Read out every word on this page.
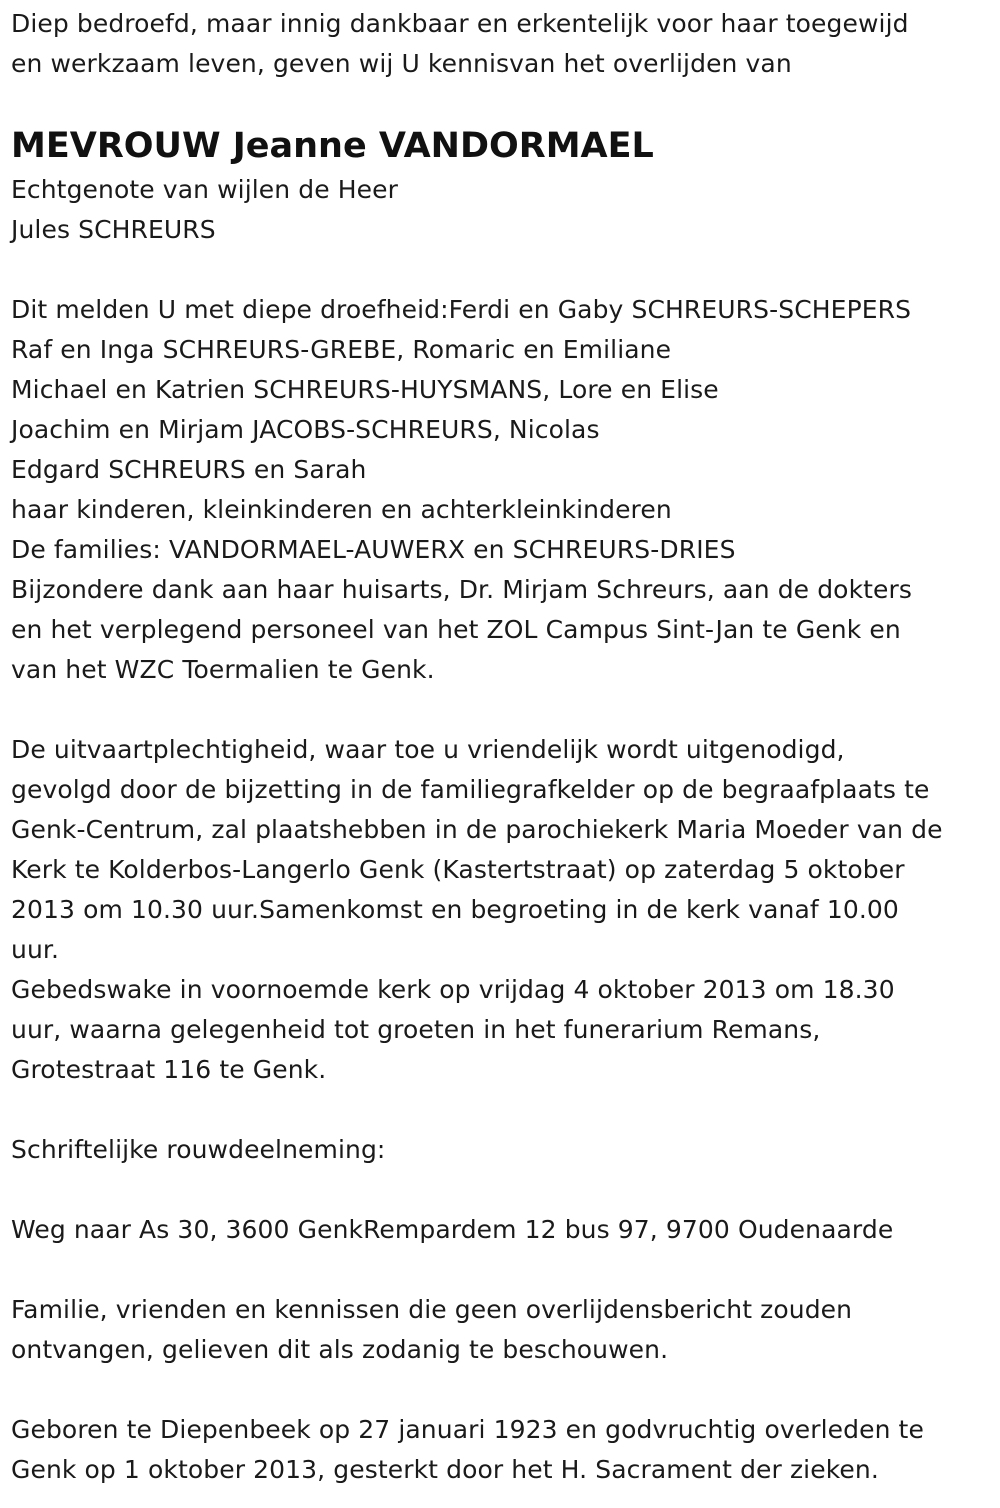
Diep bedroefd, maar innig dankbaar en erkentelijk voor haar toegewijd
en werkzaam leven, geven wij U kennisvan het overlijden van
MEVROUW Jeanne VANDORMAEL
Echtgenote van wijlen de Heer
Jules SCHREURS
Dit melden U met diepe droefheid:Ferdi en Gaby SCHREURS-SCHEPERS
Raf en Inga SCHREURS-GREBE, Romaric en Emiliane
Michael en Katrien SCHREURS-HUYSMANS, Lore en Elise
Joachim en Mirjam JACOBS-SCHREURS, Nicolas
Edgard SCHREURS en Sarah
haar kinderen, kleinkinderen en achterkleinkinderen
De families: VANDORMAEL-AUWERX en SCHREURS-DRIES
Bijzondere dank aan haar huisarts, Dr. Mirjam Schreurs, aan de dokters
en het verplegend personeel van het ZOL Campus Sint-Jan te Genk en
van het WZC Toermalien te Genk.
De uitvaartplechtigheid, waar toe u vriendelijk wordt uitgenodigd,
gevolgd door de bijzetting in de familiegrafkelder op de begraafplaats te
Genk-Centrum, zal plaatshebben in de parochiekerk Maria Moeder van de
Kerk te Kolderbos-Langerlo Genk (Kastertstraat) op zaterdag 5 oktober
2013 om 10.30 uur.Samenkomst en begroeting in de kerk vanaf 10.00
uur.
Gebedswake in voornoemde kerk op vrijdag 4 oktober 2013 om 18.30
uur, waarna gelegenheid tot groeten in het funerarium Remans,
Grotestraat 116 te Genk.
Schriftelijke rouwdeelneming:
Weg naar As 30, 3600 GenkRempardem 12 bus 97, 9700 Oudenaarde
Familie, vrienden en kennissen die geen overlijdensbericht zouden
ontvangen, gelieven dit als zodanig te beschouwen.
Geboren te Diepenbeek op 27 januari 1923 en godvruchtig overleden te
Genk op 1 oktober 2013, gesterkt door het H. Sacrament der zieken.
